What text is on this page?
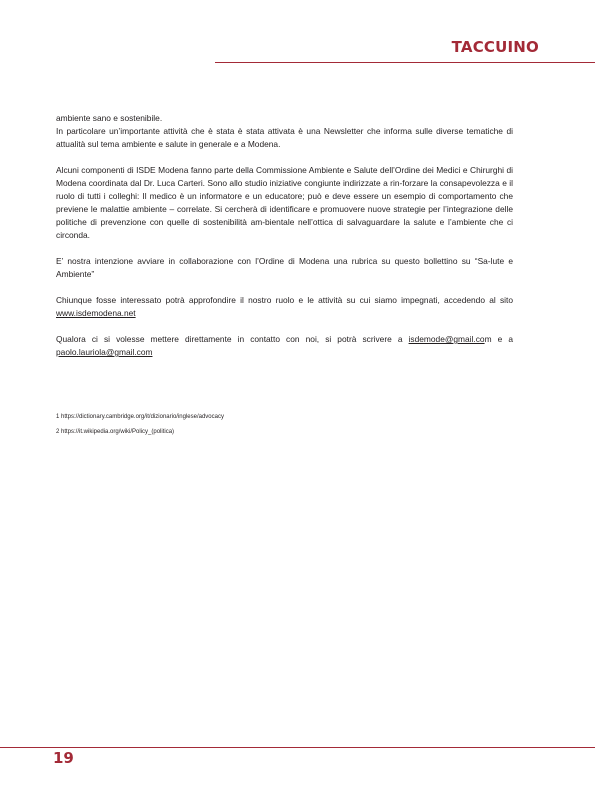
TACCUINO

ambiente sano e sostenibile.

In particolare un’importante attività che è stata è stata attivata è una Newsletter che informa sulle diverse tematiche di attualità sul tema ambiente e salute in generale e a Modena.

Alcuni componenti di ISDE Modena fanno parte della Commissione Ambiente e Salute dell’Ordine dei Medici e Chirurghi di Modena coordinata dal Dr. Luca Carteri. Sono allo studio iniziative congiunte indirizzate a rin-forzare la consapevolezza e il ruolo di tutti i colleghi: Il medico è un informatore e un educatore; può e deve essere un esempio di comportamento che previene le malattie ambiente – correlate. Si cercherà di identificare e promuovere nuove strategie per l’integrazione delle politiche di prevenzione con quelle di sostenibilità am-bientale nell’ottica di salvaguardare la salute e l’ambiente che ci circonda.

E’ nostra intenzione avviare in collaborazione con l’Ordine di Modena una rubrica su questo bollettino su “Sa-lute e Ambiente”

Chiunque fosse interessato potrà approfondire il nostro ruolo e le attività su cui siamo impegnati, accedendo al sito www.isdemodena.net

Qualora ci si volesse mettere direttamente in contatto con noi, si potrà scrivere a isdemode@gmail.com e a paolo.lauriola@gmail.com

1 https://dictionary.cambridge.org/it/dizionario/inglese/advocacy

2 https://it.wikipedia.org/wiki/Policy_(politica)

19
